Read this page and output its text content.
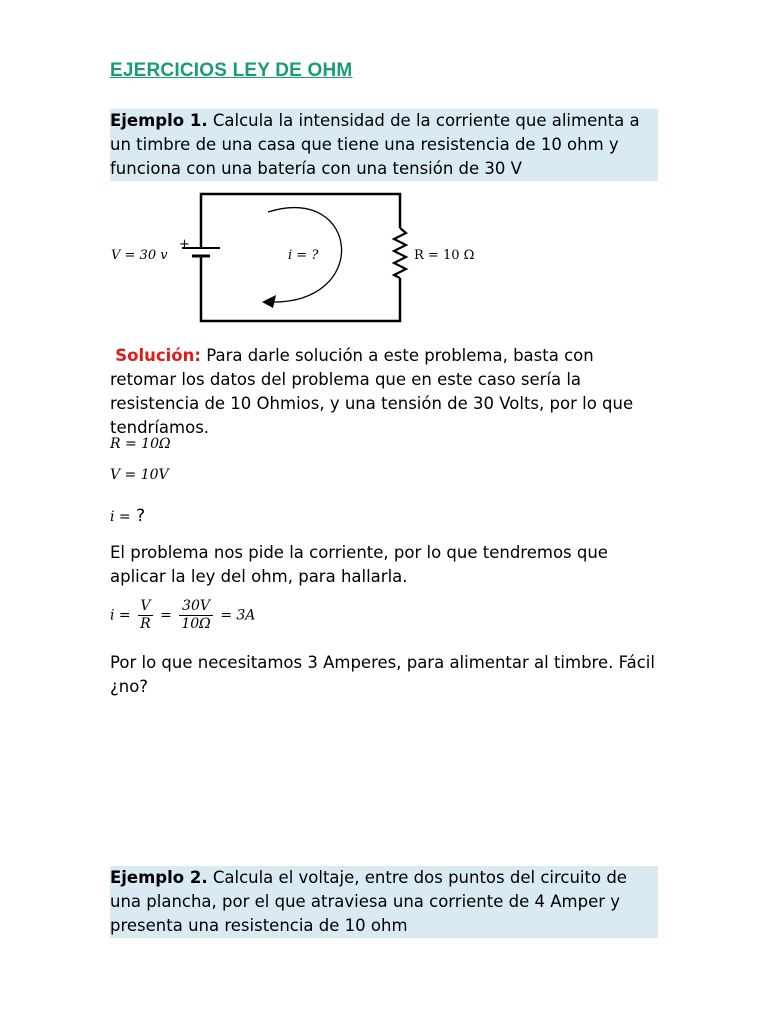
EJERCICIOS LEY DE OHM
Ejemplo 1. Calcula la intensidad de la corriente que alimenta a un timbre de una casa que tiene una resistencia de 10 ohm y funciona con una batería con una tensión de 30 V
+
V = 30 v	i = ?	R = 10 Ω
Solución: Para darle solución a este problema, basta con retomar los datos del problema que en este caso sería la resistencia de 10 Ohmios, y una tensión de 30 Volts, por lo que tendríamos.
R = 10Ω
V = 10V
i = ?
El problema nos pide la corriente, por lo que tendremos que aplicar la ley del ohm, para hallarla.
$i = \frac{V}{R} = \frac{30V}{10\Omega} = 3A$
Por lo que necesitamos 3 Amperes, para alimentar al timbre. Fácil ¿no?
Ejemplo 2. Calcula el voltaje, entre dos puntos del circuito de una plancha, por el que atraviesa una corriente de 4 Amper y presenta una resistencia de 10 ohm
